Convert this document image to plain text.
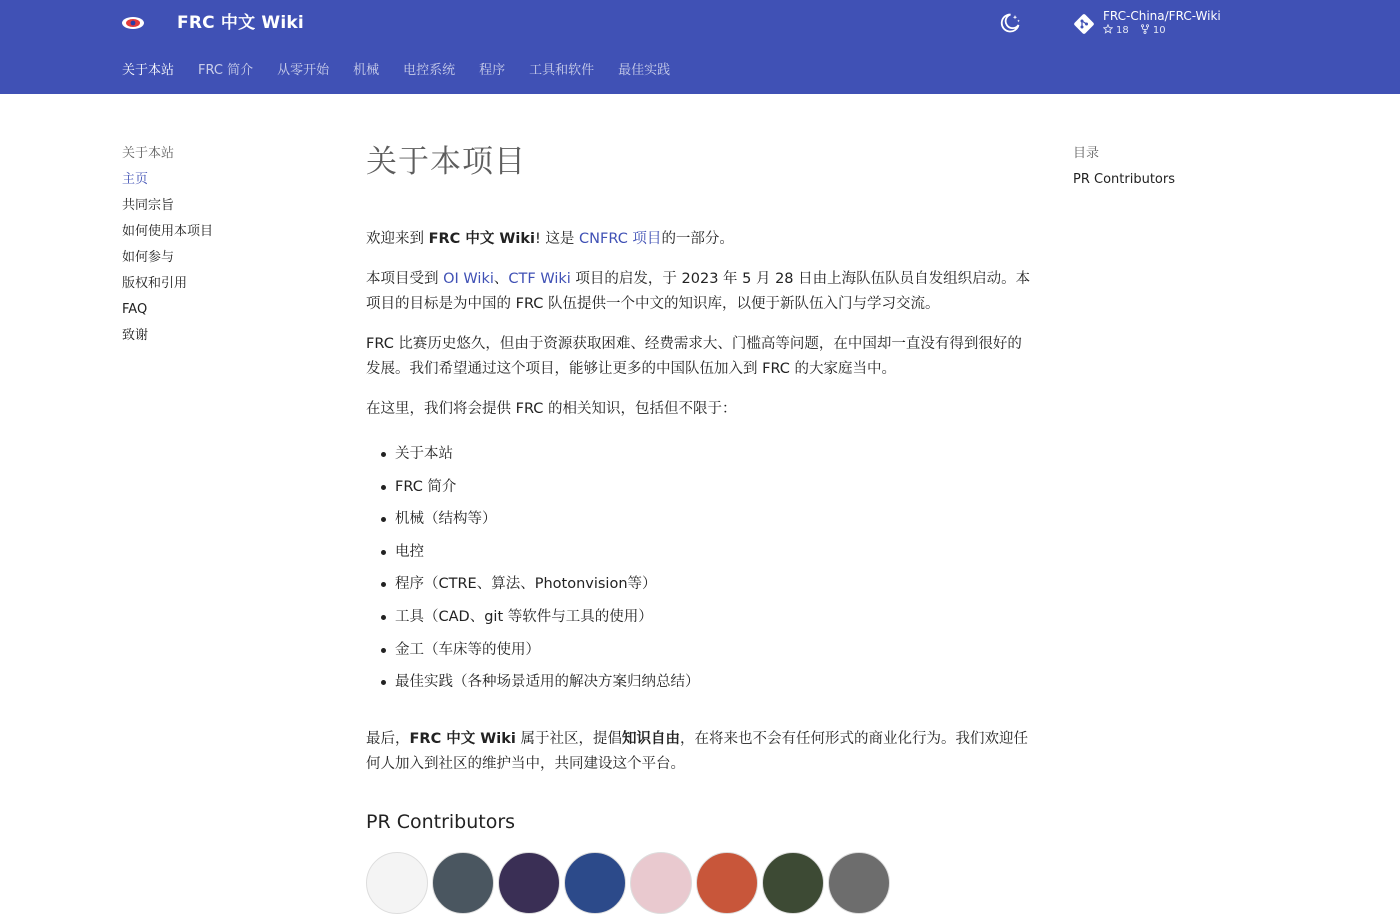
FRC 中文 Wiki	FRC-China/FRC-Wiki
18 10
关于本站 FRC 简介 从零开始 机械 电控系统 程序 工具和软件 最佳实践
关于本站
主页
共同宗旨
如何使用本项目
如何参与
版权和引用
FAQ
致谢
目录
PR Contributors
关于本项目

欢迎来到 FRC 中文 Wiki! 这是 CNFRC 项目的一部分。

本项目受到 OI Wiki、CTF Wiki 项目的启发，于 2023 年 5 月 28 日由上海队伍队员自发组织启动。本项目的目标是为中国的 FRC 队伍提供一个中文的知识库，以便于新队伍入门与学习交流。

FRC 比赛历史悠久，但由于资源获取困难、经费需求大、门槛高等问题，在中国却一直没有得到很好的发展。我们希望通过这个项目，能够让更多的中国队伍加入到 FRC 的大家庭当中。

在这里，我们将会提供 FRC 的相关知识，包括但不限于：

关于本站
FRC 简介
机械（结构等）
电控
程序（CTRE、算法、Photonvision等）
工具（CAD、git 等软件与工具的使用）
金工（车床等的使用）
最佳实践（各种场景适用的解决方案归纳总结）

最后，FRC 中文 Wiki 属于社区，提倡知识自由，在将来也不会有任何形式的商业化行为。我们欢迎任何人加入到社区的维护当中，共同建设这个平台。

PR Contributors
